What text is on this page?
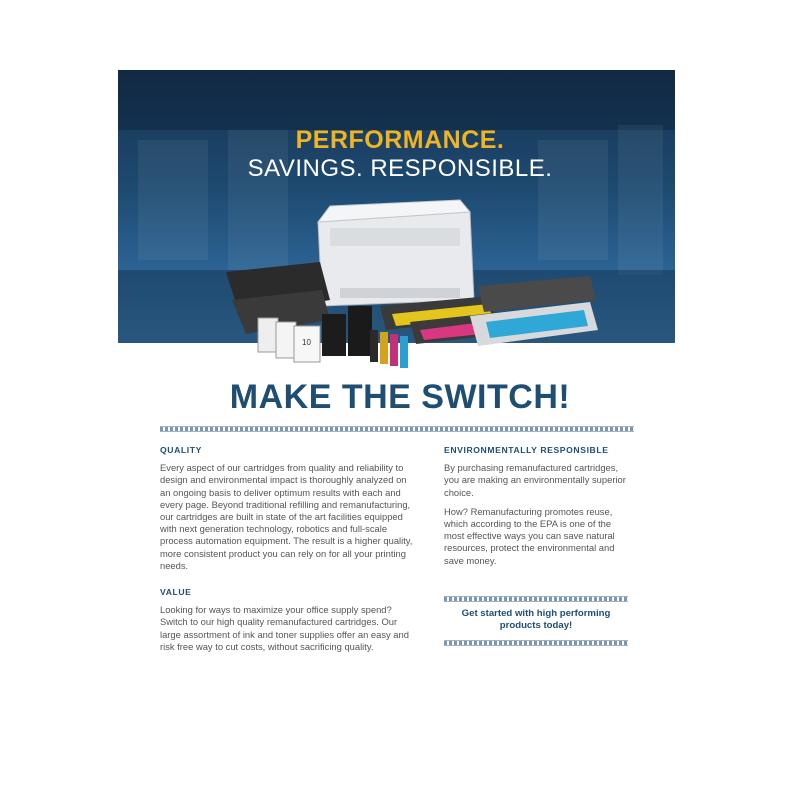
PERFORMANCE.
SAVINGS. RESPONSIBLE.
10
MAKE THE SWITCH!
QUALITY

Every aspect of our cartridges from quality and reliability to design and environmental impact is thoroughly analyzed on an ongoing basis to deliver optimum results with each and every page. Beyond traditional refilling and remanufacturing, our cartridges are built in state of the art facilities equipped with next generation technology, robotics and full-scale process automation equipment. The result is a higher quality, more consistent product you can rely on for all your printing needs.

VALUE

Looking for ways to maximize your office supply spend? Switch to our high quality remanufactured cartridges. Our large assortment of ink and toner supplies offer an easy and risk free way to cut costs, without sacrificing quality.

ENVIRONMENTALLY RESPONSIBLE

By purchasing remanufactured cartridges, you are making an environmentally superior choice.

How? Remanufacturing promotes reuse, which according to the EPA is one of the most effective ways you can save natural resources, protect the environmental and save money.

Get started with high performing products today!
